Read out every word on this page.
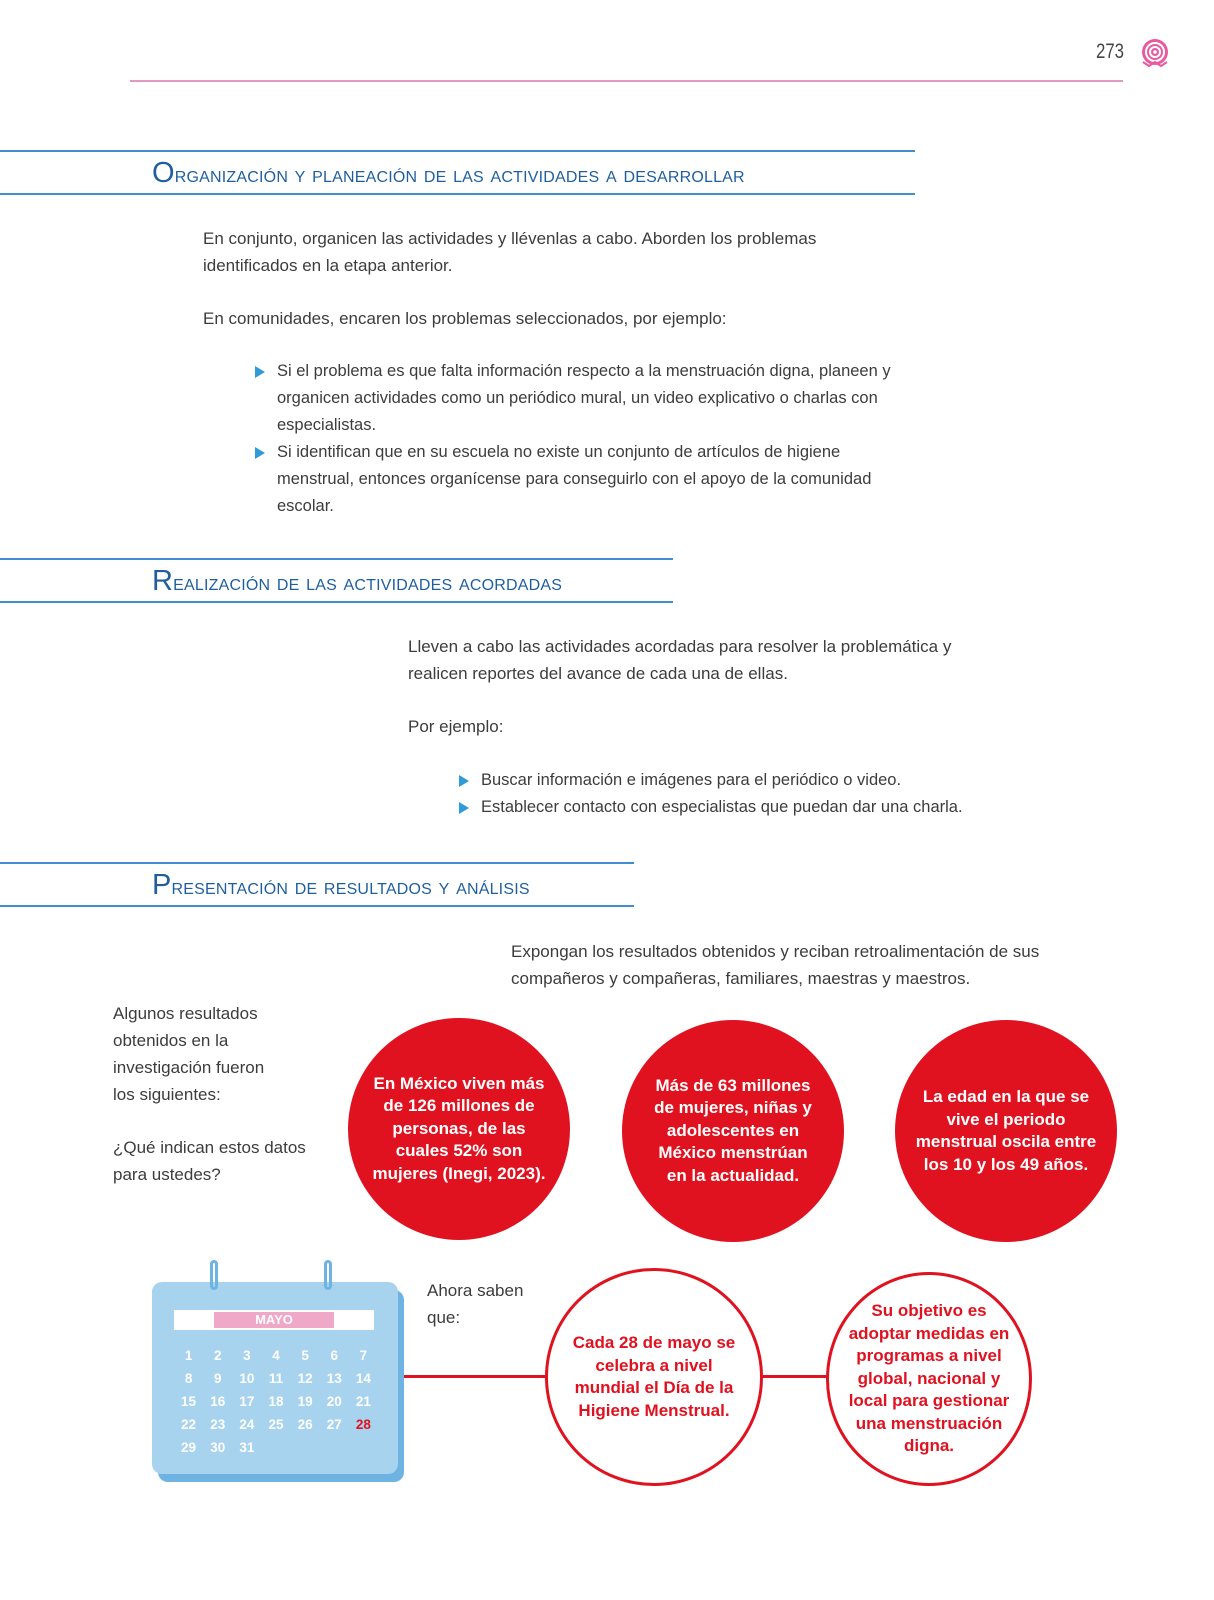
273
Organización y planeación de las actividades a desarrollar
En conjunto, organicen las actividades y llévenlas a cabo. Aborden los problemas identificados en la etapa anterior.
En comunidades, encaren los problemas seleccionados, por ejemplo:
Si el problema es que falta información respecto a la menstruación digna, planeen y organicen actividades como un periódico mural, un video explicativo o charlas con especialistas.
Si identifican que en su escuela no existe un conjunto de artículos de higiene menstrual, entonces organícense para conseguirlo con el apoyo de la comunidad escolar.
Realización de las actividades acordadas
Lleven a cabo las actividades acordadas para resolver la problemática y realicen reportes del avance de cada una de ellas.
Por ejemplo:
Buscar información e imágenes para el periódico o video.
Establecer contacto con especialistas que puedan dar una charla.
Presentación de resultados y análisis
Expongan los resultados obtenidos y reciban retroalimentación de sus compañeros y compañeras, familiares, maestras y maestros.
Algunos resultados obtenidos en la investigación fueron los siguientes:
¿Qué indican estos datos para ustedes?
En México viven más de 126 millones de personas, de las cuales 52% son mujeres (Inegi, 2023).
Más de 63 millones de mujeres, niñas y adolescentes en México menstrúan en la actualidad.
La edad en la que se vive el periodo menstrual oscila entre los 10 y los 49 años.
MAYO
1	2	3	4	5	6	7
8	9	10	11	12	13	14
15	16	17	18	19	20	21
22	23	24	25	26	27	28
29	30	31
Ahora saben que:
Cada 28 de mayo se celebra a nivel mundial el Día de la Higiene Menstrual.
Su objetivo es adoptar medidas en programas a nivel global, nacional y local para gestionar una menstruación digna.
